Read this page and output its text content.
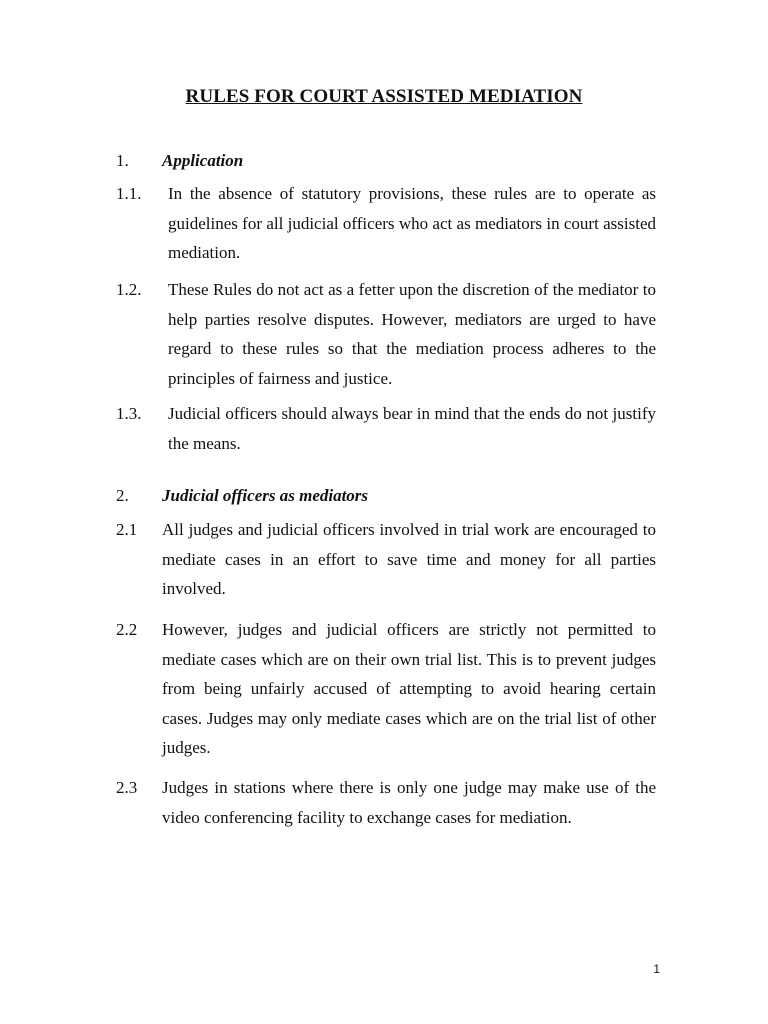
RULES FOR COURT ASSISTED MEDIATION
1.	Application
1.1.	In the absence of statutory provisions, these rules are to operate as guidelines for all judicial officers who act as mediators in court assisted mediation.

1.2.	These Rules do not act as a fetter upon the discretion of the mediator to help parties resolve disputes. However, mediators are urged to have regard to these rules so that the mediation process adheres to the principles of fairness and justice.

1.3.	Judicial officers should always bear in mind that the ends do not justify the means.

2.	Judicial officers as mediators
2.1	All judges and judicial officers involved in trial work are encouraged to mediate cases in an effort to save time and money for all parties involved.

2.2	However, judges and judicial officers are strictly not permitted to mediate cases which are on their own trial list. This is to prevent judges from being unfairly accused of attempting to avoid hearing certain cases. Judges may only mediate cases which are on the trial list of other judges.

2.3	Judges in stations where there is only one judge may make use of the video conferencing facility to exchange cases for mediation.

1
